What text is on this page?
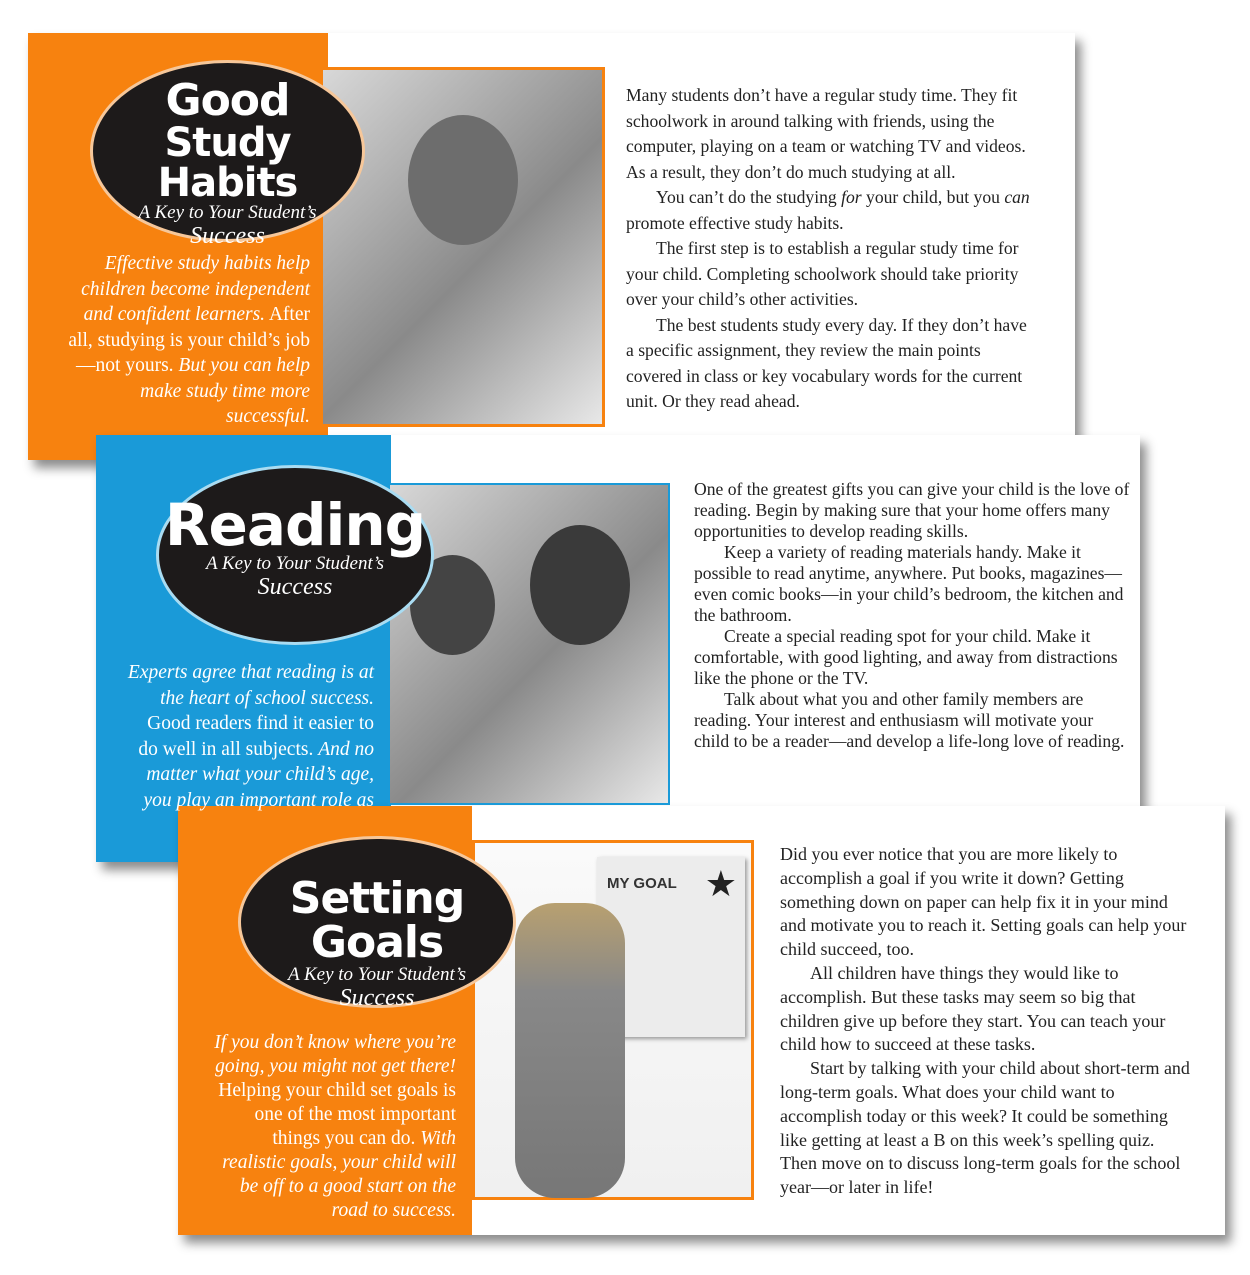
Good
Study Habits
A Key to Your Student’s
Success
Effective study habits help children become independent and confident learners. After all, studying is your child’s job—not yours. But you can help make study time more successful.

Many students don’t have a regular study time. They fit schoolwork in around talking with friends, using the computer, playing on a team or watching TV and videos. As a result, they don’t do much studying at all.

You can’t do the studying for your child, but you can promote effective study habits.

The first step is to establish a regular study time for your child. Completing schoolwork should take priority over your child’s other activities.

The best students study every day. If they don’t have a specific assignment, they review the main points covered in class or key vocabulary words for the current unit. Or they read ahead.

Reading
A Key to Your Student’s
Success
Experts agree that reading is at the heart of school success. Good readers find it easier to do well in all subjects. And no matter what your child’s age, you play an important role as

One of the greatest gifts you can give your child is the love of reading. Begin by making sure that your home offers many opportunities to develop reading skills.

Keep a variety of reading materials handy. Make it possible to read anytime, anywhere. Put books, magazines—even comic books—in your child’s bedroom, the kitchen and the bathroom.

Create a special reading spot for your child. Make it comfortable, with good lighting, and away from distractions like the phone or the TV.

Talk about what you and other family members are reading. Your interest and enthusiasm will motivate your child to be a reader—and develop a life-long love of reading.

Setting Goals
A Key to Your Student’s
Success
If you don’t know where you’re going, you might not get there! Helping your child set goals is one of the most important things you can do. With realistic goals, your child will be off to a good start on the road to success.
MY GOAL ★

Did you ever notice that you are more likely to accomplish a goal if you write it down? Getting something down on paper can help fix it in your mind and motivate you to reach it. Setting goals can help your child succeed, too.

All children have things they would like to accomplish. But these tasks may seem so big that children give up before they start. You can teach your child how to succeed at these tasks.

Start by talking with your child about short-term and long-term goals. What does your child want to accomplish today or this week? It could be something like getting at least a B on this week’s spelling quiz. Then move on to discuss long-term goals for the school year—or later in life!
